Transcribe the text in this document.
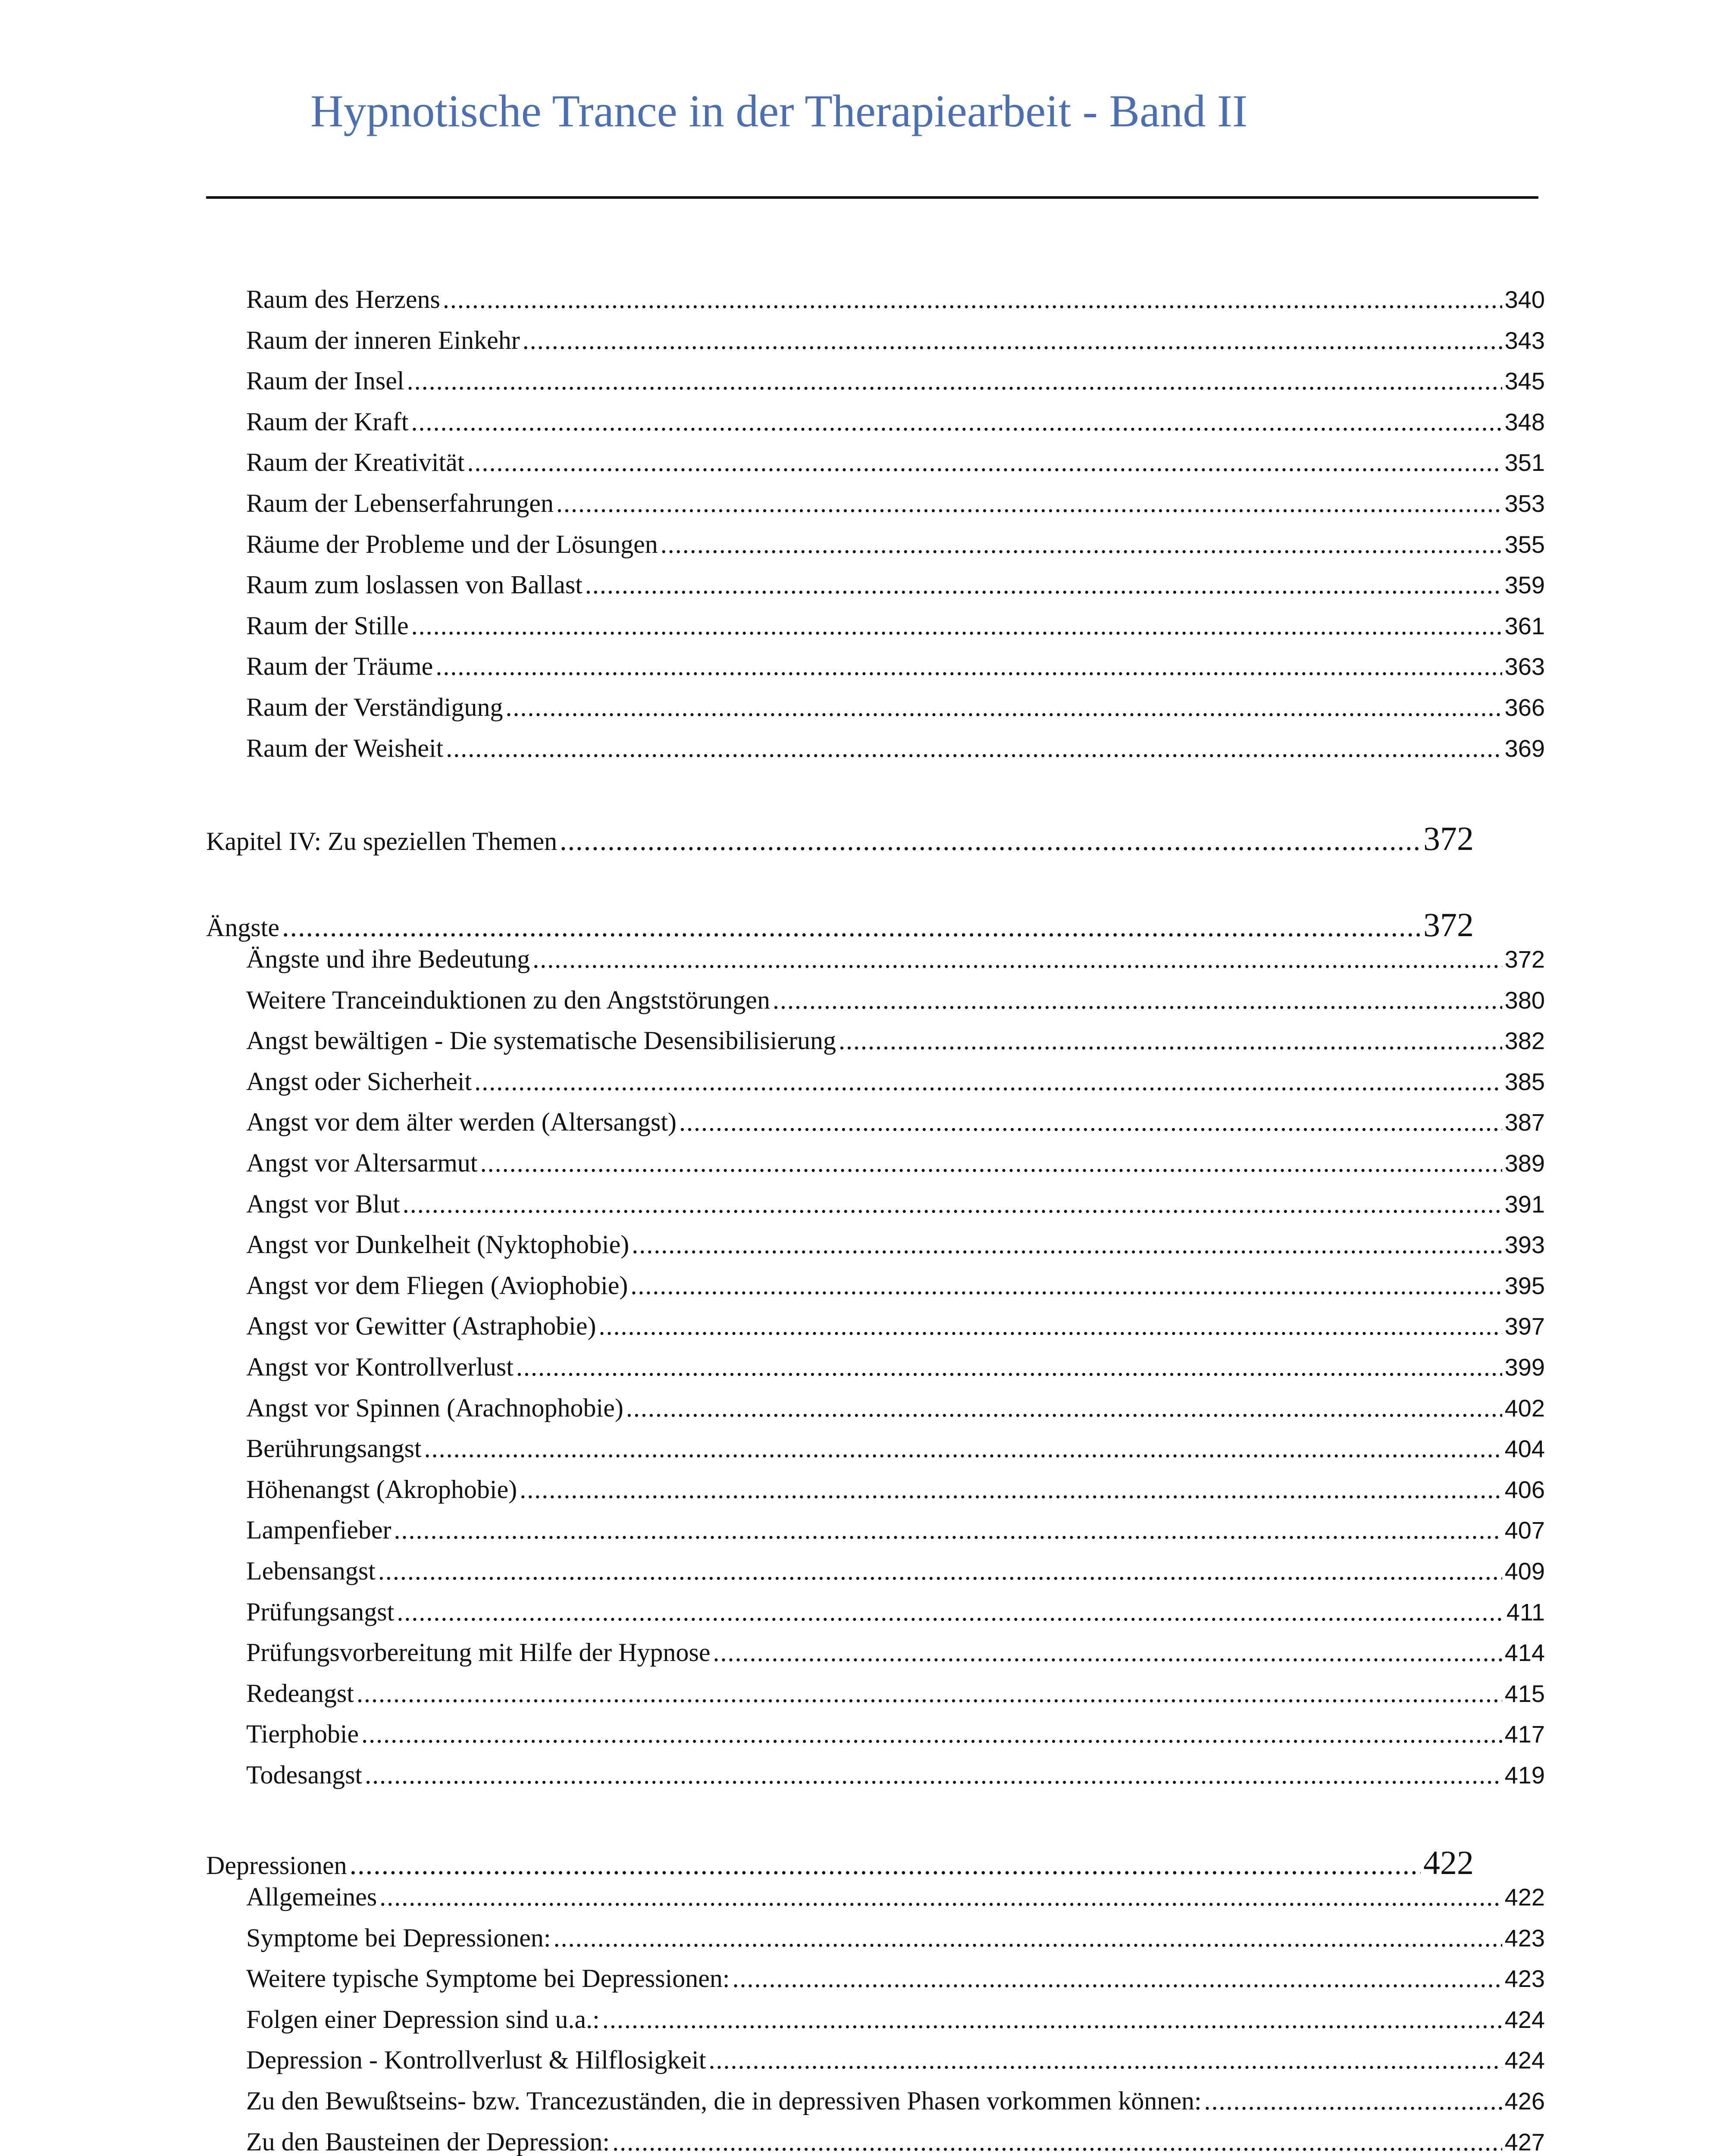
Hypnotische Trance in der Therapiearbeit - Band II
Raum des Herzens .....	340
Raum der inneren Einkehr .....	343
Raum der Insel .....	345
Raum der Kraft .....	348
Raum der Kreativität .....	351
Raum der Lebenserfahrungen .....	353
Räume der Probleme und der Lösungen .....	355
Raum zum loslassen von Ballast .....	359
Raum der Stille .....	361
Raum der Träume .....	363
Raum der Verständigung .....	366
Raum der Weisheit .....	369
Kapitel IV: Zu speziellen Themen .....	372
Ängste .....	372
Ängste und ihre Bedeutung .....	372
Weitere Tranceinduktionen zu den Angststörungen .....	380
Angst bewältigen - Die systematische Desensibilisierung .....	382
Angst oder Sicherheit .....	385
Angst vor dem älter werden (Altersangst) .....	387
Angst vor Altersarmut .....	389
Angst vor Blut .....	391
Angst vor Dunkelheit (Nyktophobie) .....	393
Angst vor dem Fliegen (Aviophobie) .....	395
Angst vor Gewitter (Astraphobie) .....	397
Angst vor Kontrollverlust .....	399
Angst vor Spinnen (Arachnophobie) .....	402
Berührungsangst .....	404
Höhenangst (Akrophobie) .....	406
Lampenfieber .....	407
Lebensangst .....	409
Prüfungsangst .....	411
Prüfungsvorbereitung mit Hilfe der Hypnose .....	414
Redeangst .....	415
Tierphobie .....	417
Todesangst .....	419
Depressionen .....	422
Allgemeines .....	422
Symptome bei Depressionen: .....	423
Weitere typische Symptome bei Depressionen: .....	423
Folgen einer Depression sind u.a.: .....	424
Depression - Kontrollverlust & Hilflosigkeit .....	424
Zu den Bewußtseins- bzw. Trancezuständen, die in depressiven Phasen vorkommen können: .....	426
Zu den Bausteinen der Depression: .....	427
